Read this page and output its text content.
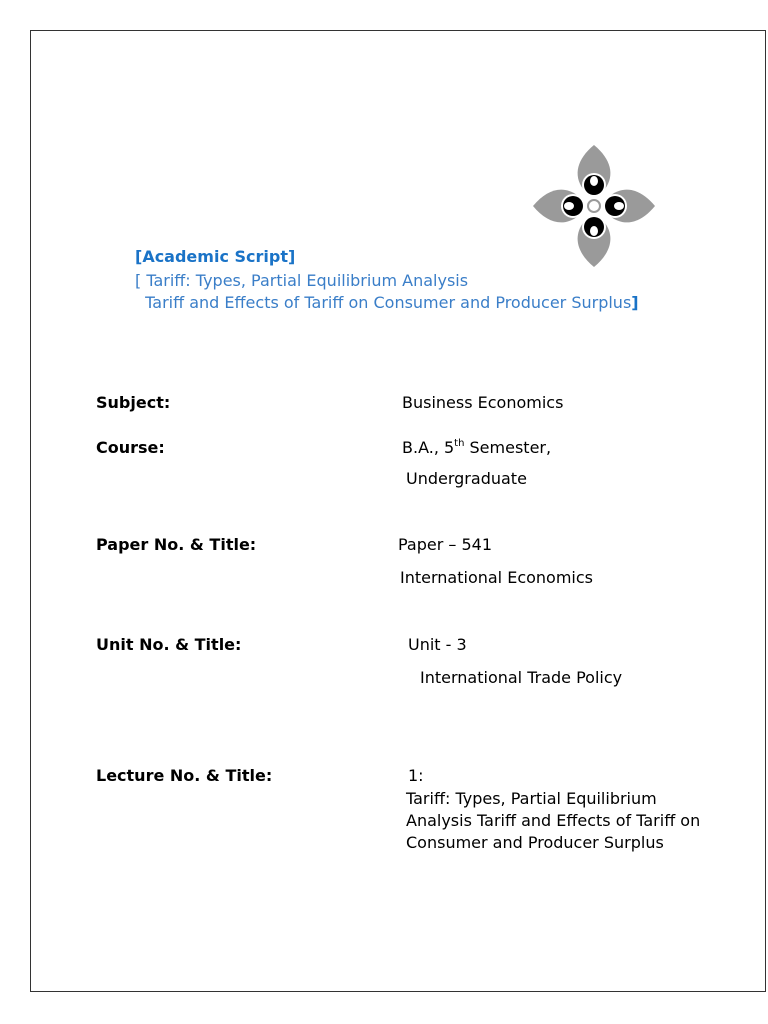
[Academic Script]
[ Tariff: Types, Partial Equilibrium Analysis
Tariff and Effects of Tariff on Consumer and Producer Surplus]
Subject:	Business Economics
Course:	B.A., 5th Semester,
Undergraduate
Paper No. & Title:	Paper – 541
International Economics
Unit No. & Title:	Unit - 3
International Trade Policy
Lecture No. & Title:	1:
Tariff: Types, Partial Equilibrium Analysis Tariff and Effects of Tariff on Consumer and Producer Surplus
